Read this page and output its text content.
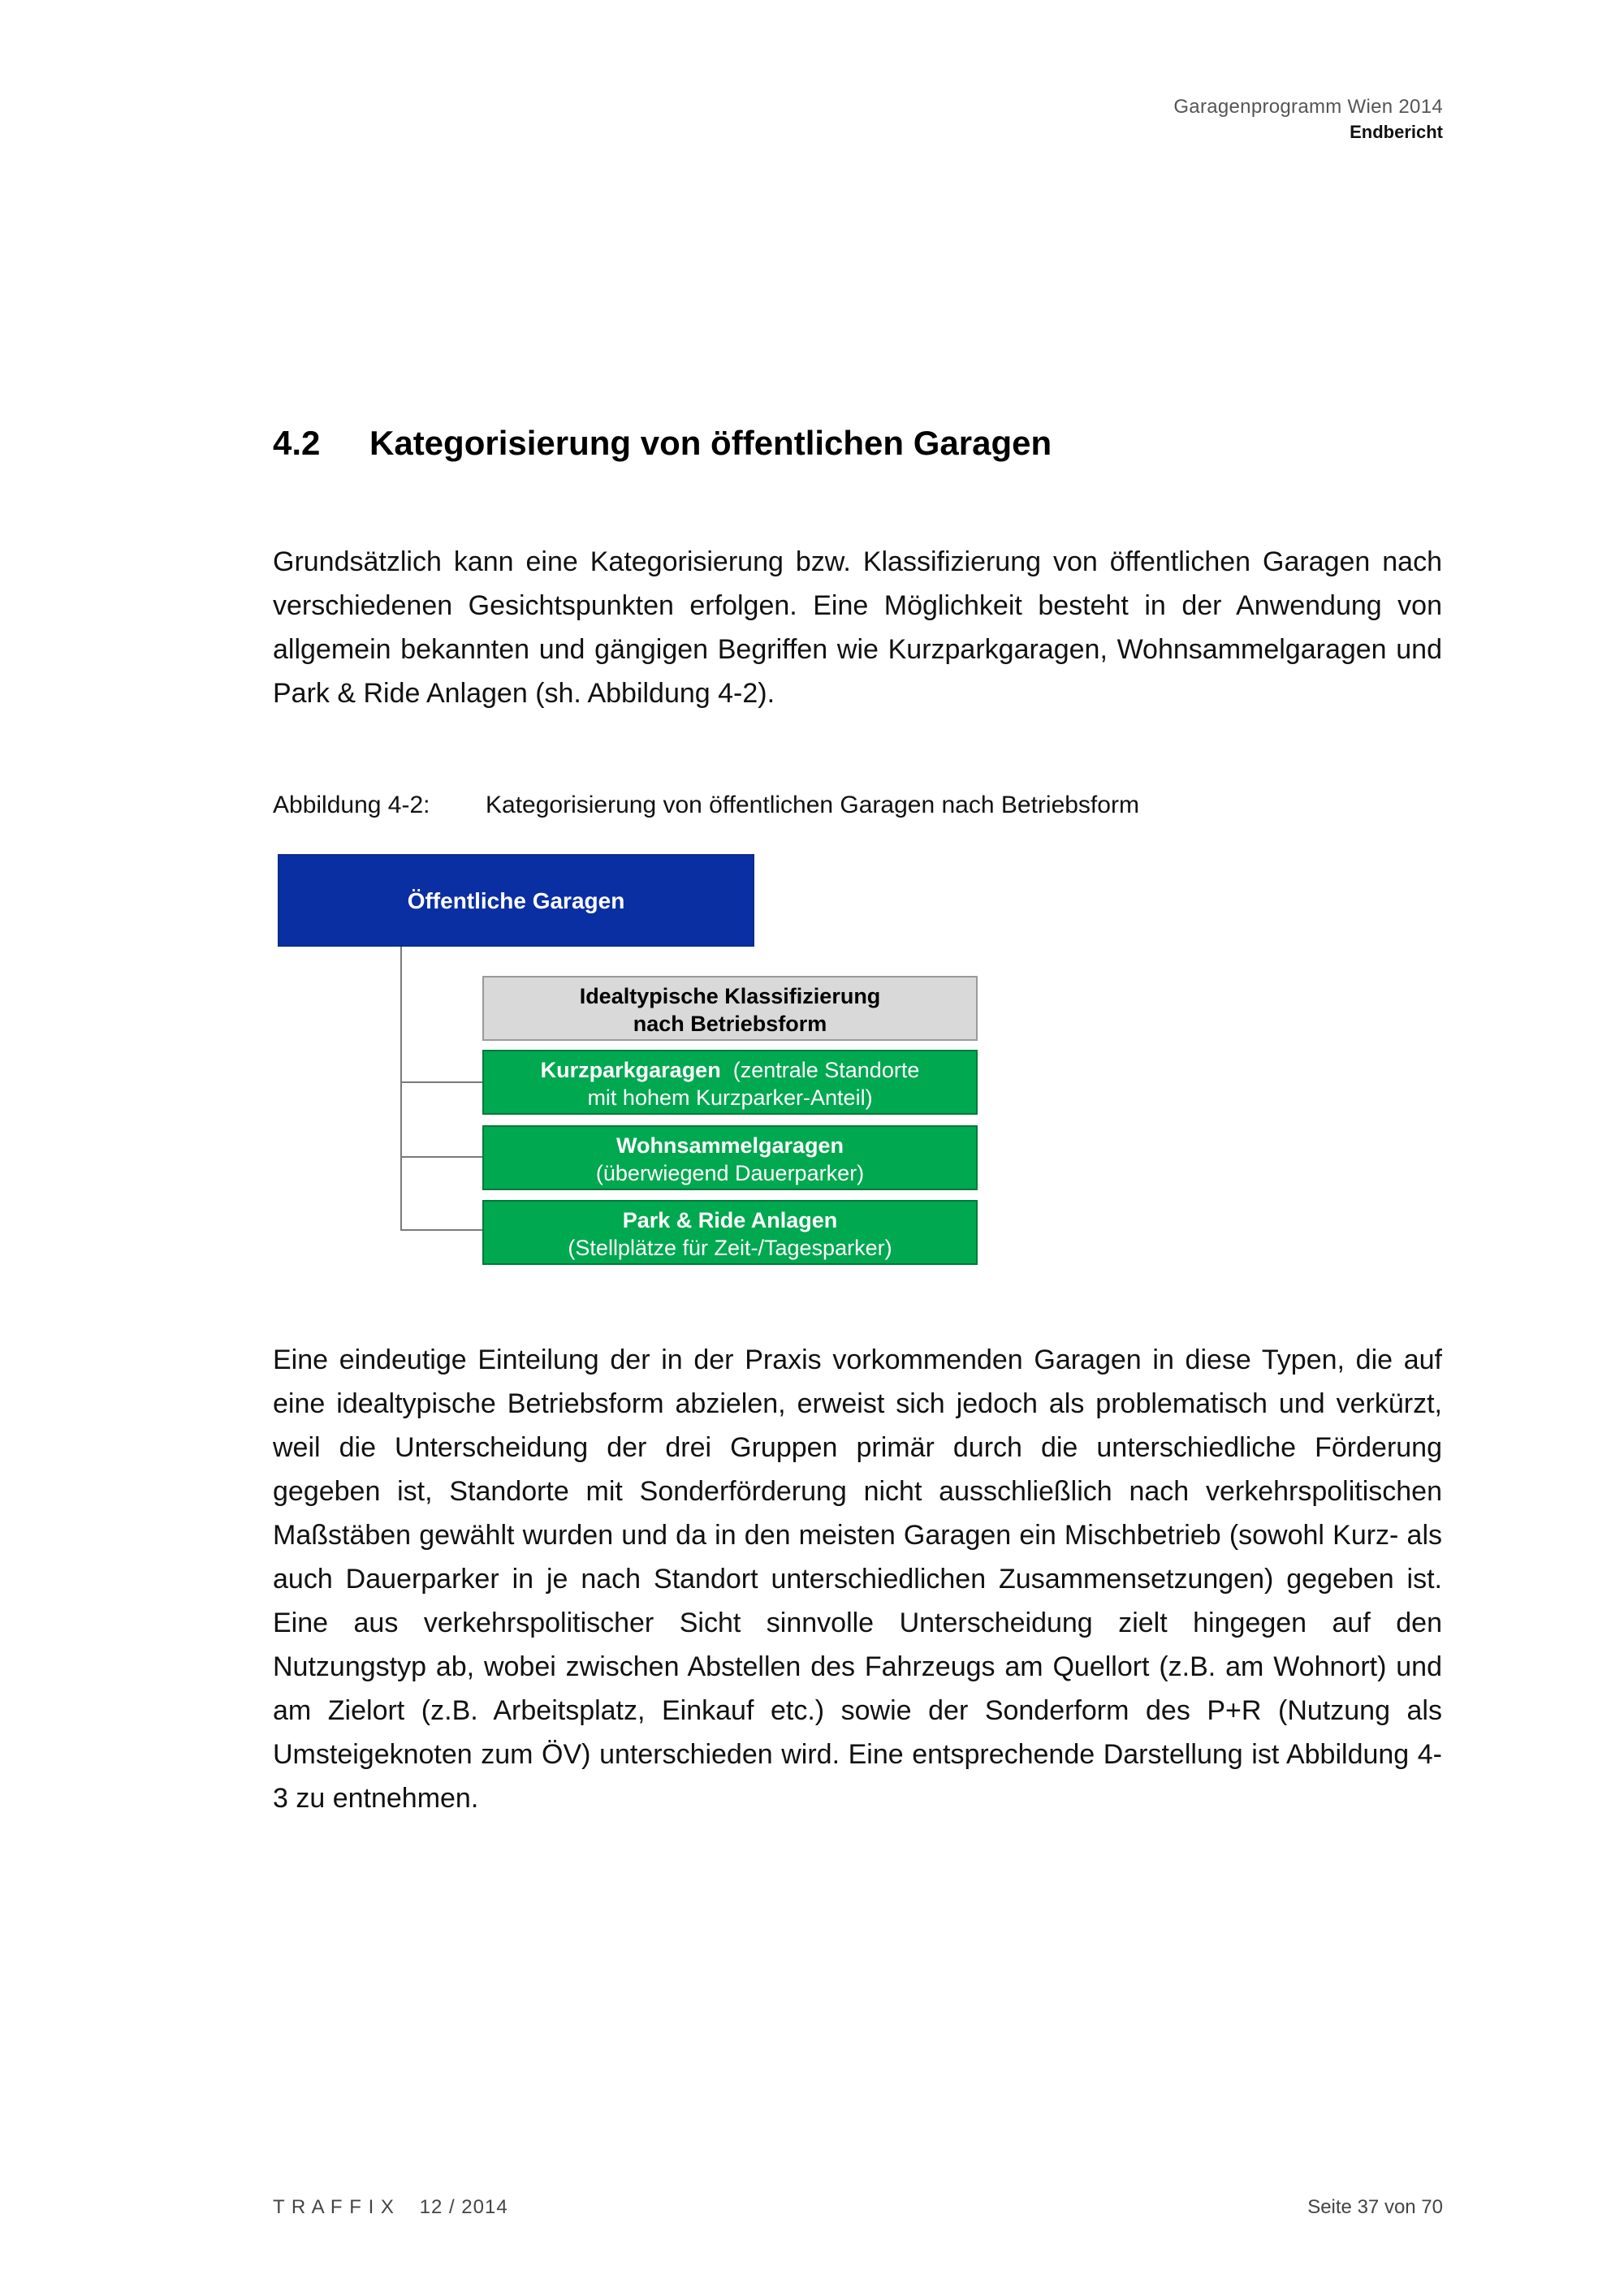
Garagenprogramm Wien 2014
Endbericht
4.2 Kategorisierung von öffentlichen Garagen
Grundsätzlich kann eine Kategorisierung bzw. Klassifizierung von öffentlichen Garagen nach verschiedenen Gesichtspunkten erfolgen. Eine Möglichkeit besteht in der Anwendung von allgemein bekannten und gängigen Begriffen wie Kurzparkgaragen, Wohnsammelgaragen und Park & Ride Anlagen (sh. Abbildung 4-2).
Abbildung 4-2: Kategorisierung von öffentlichen Garagen nach Betriebsform
Öffentliche Garagen
Idealtypische Klassifizierung
nach Betriebsform
Kurzparkgaragen (zentrale Standorte
mit hohem Kurzparker-Anteil)
Wohnsammelgaragen
(überwiegend Dauerparker)
Park & Ride Anlagen
(Stellplätze für Zeit-/Tagesparker)
Eine eindeutige Einteilung der in der Praxis vorkommenden Garagen in diese Typen, die auf eine idealtypische Betriebsform abzielen, erweist sich jedoch als problematisch und verkürzt, weil die Unterscheidung der drei Gruppen primär durch die unterschiedliche Förderung gegeben ist, Standorte mit Sonderförderung nicht ausschließlich nach verkehrspolitischen Maßstäben gewählt wurden und da in den meisten Garagen ein Mischbetrieb (sowohl Kurz- als auch Dauerparker in je nach Standort unterschiedlichen Zusammensetzungen) gegeben ist. Eine aus verkehrspolitischer Sicht sinnvolle Unterscheidung zielt hingegen auf den Nutzungstyp ab, wobei zwischen Abstellen des Fahrzeugs am Quellort (z.B. am Wohnort) und am Zielort (z.B. Arbeitsplatz, Einkauf etc.) sowie der Sonderform des P+R (Nutzung als Umsteigeknoten zum ÖV) unterschieden wird. Eine entsprechende Darstellung ist Abbildung 4-3 zu entnehmen.
T R A F F I X    12 / 2014	Seite 37 von 70
